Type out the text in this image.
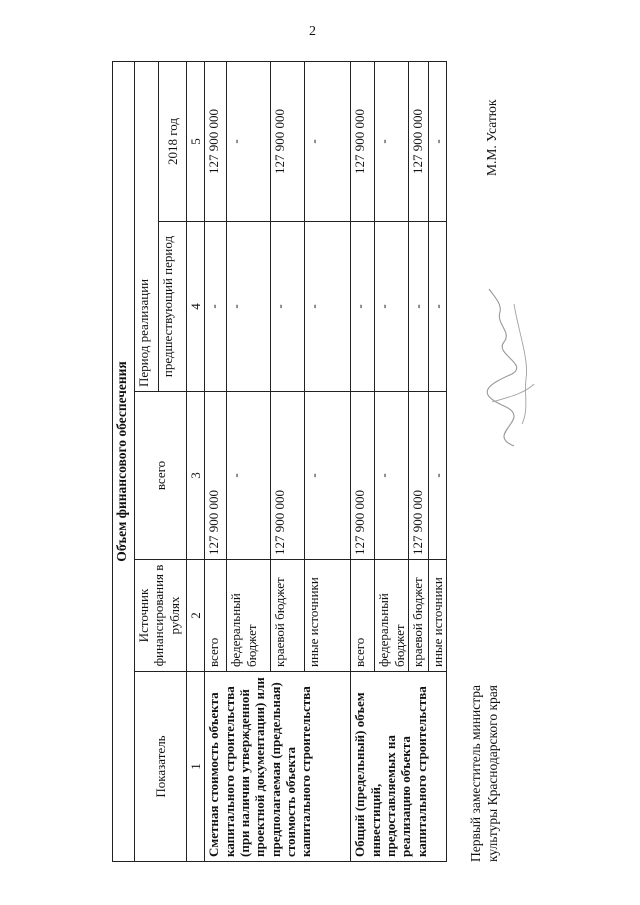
2
Объем финансового обеспечения				
Показатель	Источник финансирования в рублях	всего	Период реализации	
			предшествующий период	2018 год
1	2	3	4	5
Сметная стоимость объекта капитального строительства (при наличии утвержденной проектной документации) или предполагаемая (предельная) стоимость объекта капитального строительства	всего	127 900 000	-	127 900 000
	федеральный бюджет	-	-	-
	краевой бюджет	127 900 000	-	127 900 000
	иные источники	-	-	-
Общий (предельный) объем инвестиций, предоставляемых на реализацию объекта капитального строительства	всего	127 900 000	-	127 900 000
	федеральный бюджет	-	-	-
	краевой бюджет	127 900 000	-	127 900 000
	иные источники	-	-	-
Первый заместитель министра культуры Краснодарского края
М.М. Усатюк
